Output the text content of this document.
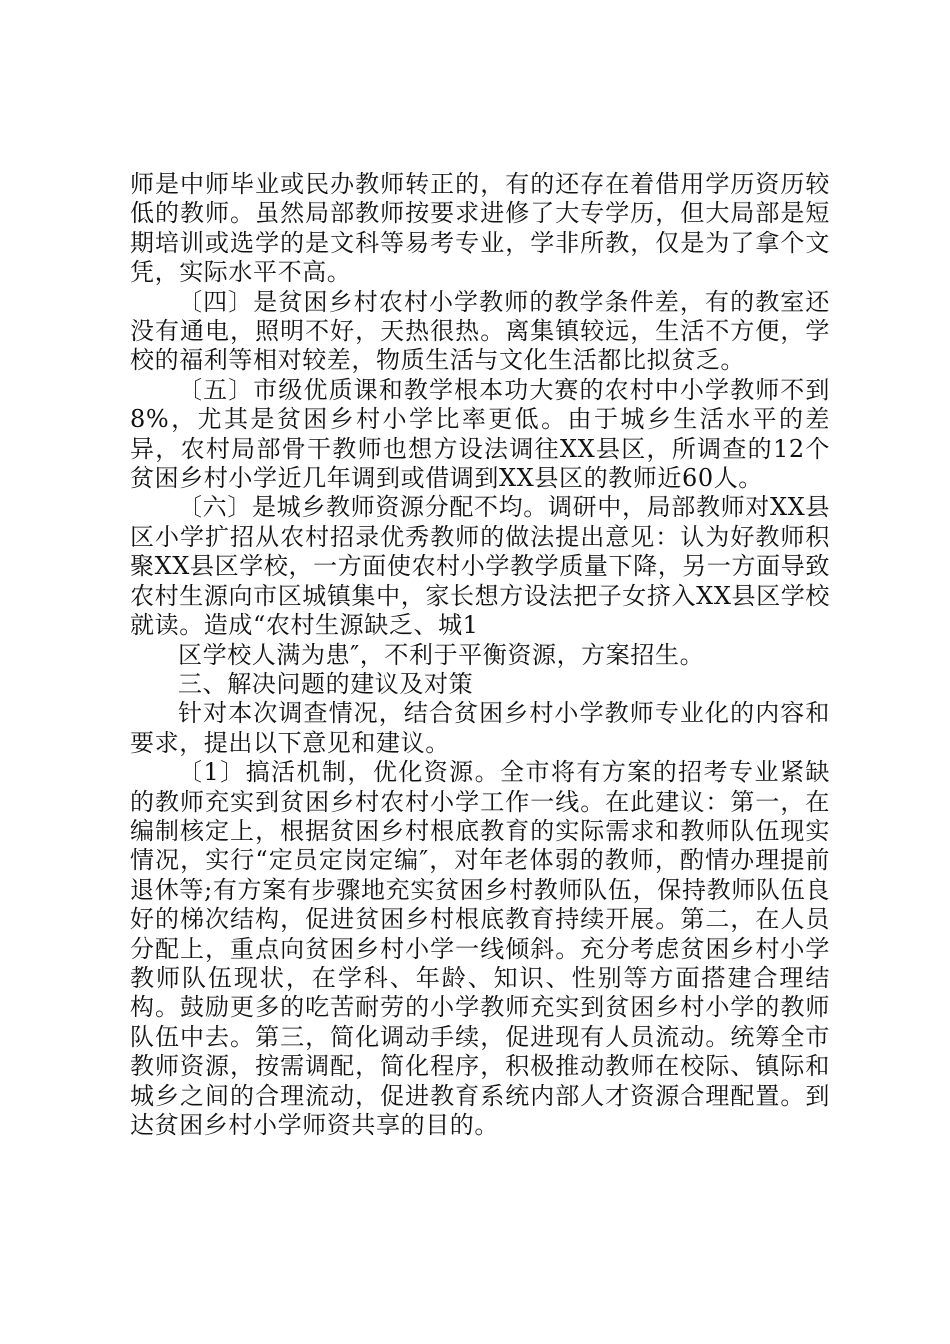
师是中师毕业或民办教师转正的，有的还存在着借用学历资历较低的教师。虽然局部教师按要求进修了大专学历，但大局部是短期培训或选学的是文科等易考专业，学非所教，仅是为了拿个文凭，实际水平不高。

〔四〕是贫困乡村农村小学教师的教学条件差，有的教室还没有通电，照明不好，天热很热。离集镇较远，生活不方便，学校的福利等相对较差，物质生活与文化生活都比拟贫乏。

〔五〕市级优质课和教学根本功大赛的农村中小学教师不到8%，尤其是贫困乡村小学比率更低。由于城乡生活水平的差异，农村局部骨干教师也想方设法调往XX县区，所调查的12个贫困乡村小学近几年调到或借调到XX县区的教师近60人。

〔六〕是城乡教师资源分配不均。调研中，局部教师对XX县区小学扩招从农村招录优秀教师的做法提出意见：认为好教师积聚XX县区学校，一方面使农村小学教学质量下降，另一方面导致农村生源向市区城镇集中，家长想方设法把子女挤入XX县区学校就读。造成“农村生源缺乏、城1

区学校人满为患″，不利于平衡资源，方案招生。

三、解决问题的建议及对策

针对本次调查情况，结合贫困乡村小学教师专业化的内容和要求，提出以下意见和建议。

〔1〕搞活机制，优化资源。全市将有方案的招考专业紧缺的教师充实到贫困乡村农村小学工作一线。在此建议：第一，在编制核定上，根据贫困乡村根底教育的实际需求和教师队伍现实情况，实行“定员定岗定编″，对年老体弱的教师，酌情办理提前退休等;有方案有步骤地充实贫困乡村教师队伍，保持教师队伍良好的梯次结构，促进贫困乡村根底教育持续开展。第二，在人员分配上，重点向贫困乡村小学一线倾斜。充分考虑贫困乡村小学教师队伍现状，在学科、年龄、知识、性别等方面搭建合理结构。鼓励更多的吃苦耐劳的小学教师充实到贫困乡村小学的教师队伍中去。第三，简化调动手续，促进现有人员流动。统筹全市教师资源，按需调配，简化程序，积极推动教师在校际、镇际和城乡之间的合理流动，促进教育系统内部人才资源合理配置。到达贫困乡村小学师资共享的目的。
